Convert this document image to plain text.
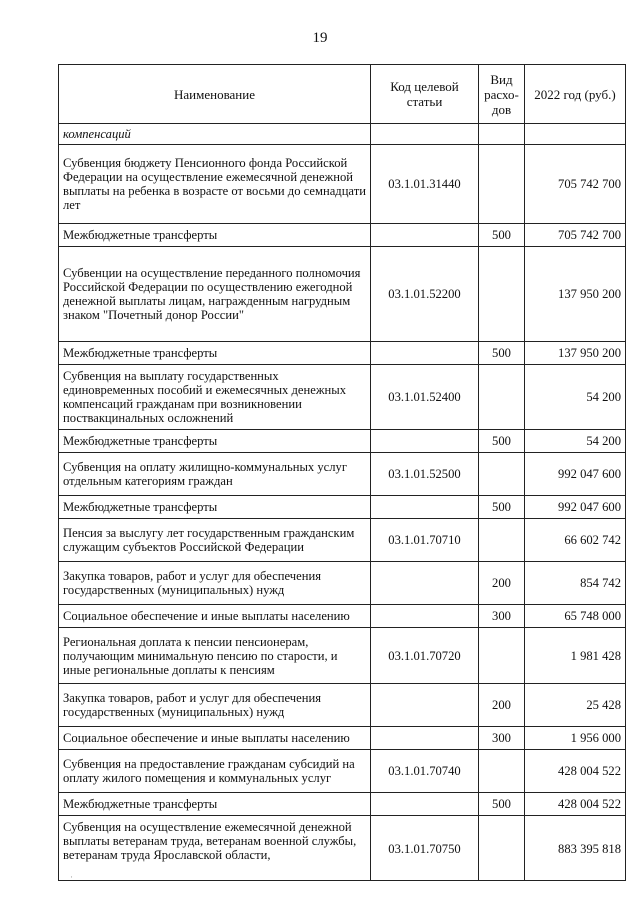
19
Наименование	Код целевой статьи	Вид расхо-дов	2022 год (руб.)
компенсаций			
Субвенция бюджету Пенсионного фонда Российской Федерации на осуществление ежемесячной денежной выплаты на ребенка в возрасте от восьми до семнадцати лет	03.1.01.31440		705 742 700
Межбюджетные трансферты		500	705 742 700
Субвенции на осуществление переданного полномочия Российской Федерации по осуществлению ежегодной денежной выплаты лицам, награжденным нагрудным знаком "Почетный донор России"	03.1.01.52200		137 950 200
Межбюджетные трансферты		500	137 950 200
Субвенция на выплату государственных единовременных пособий и ежемесячных денежных компенсаций гражданам при возникновении поствакцинальных осложнений	03.1.01.52400		54 200
Межбюджетные трансферты		500	54 200
Субвенция на оплату жилищно-коммунальных услуг отдельным категориям граждан	03.1.01.52500		992 047 600
Межбюджетные трансферты		500	992 047 600
Пенсия за выслугу лет государственным гражданским служащим субъектов Российской Федерации	03.1.01.70710		66 602 742
Закупка товаров, работ и услуг для обеспечения государственных (муниципальных) нужд		200	854 742
Социальное обеспечение и иные выплаты населению		300	65 748 000
Региональная доплата к пенсии пенсионерам, получающим минимальную пенсию по старости, и иные региональные доплаты к пенсиям	03.1.01.70720		1 981 428
Закупка товаров, работ и услуг для обеспечения государственных (муниципальных) нужд		200	25 428
Социальное обеспечение и иные выплаты населению		300	1 956 000
Субвенция на предоставление гражданам субсидий на оплату жилого помещения и коммунальных услуг	03.1.01.70740		428 004 522
Межбюджетные трансферты		500	428 004 522
Субвенция на осуществление ежемесячной денежной выплаты ветеранам труда, ветеранам военной службы, ветеранам труда Ярославской области,	03.1.01.70750		883 395 818
·
